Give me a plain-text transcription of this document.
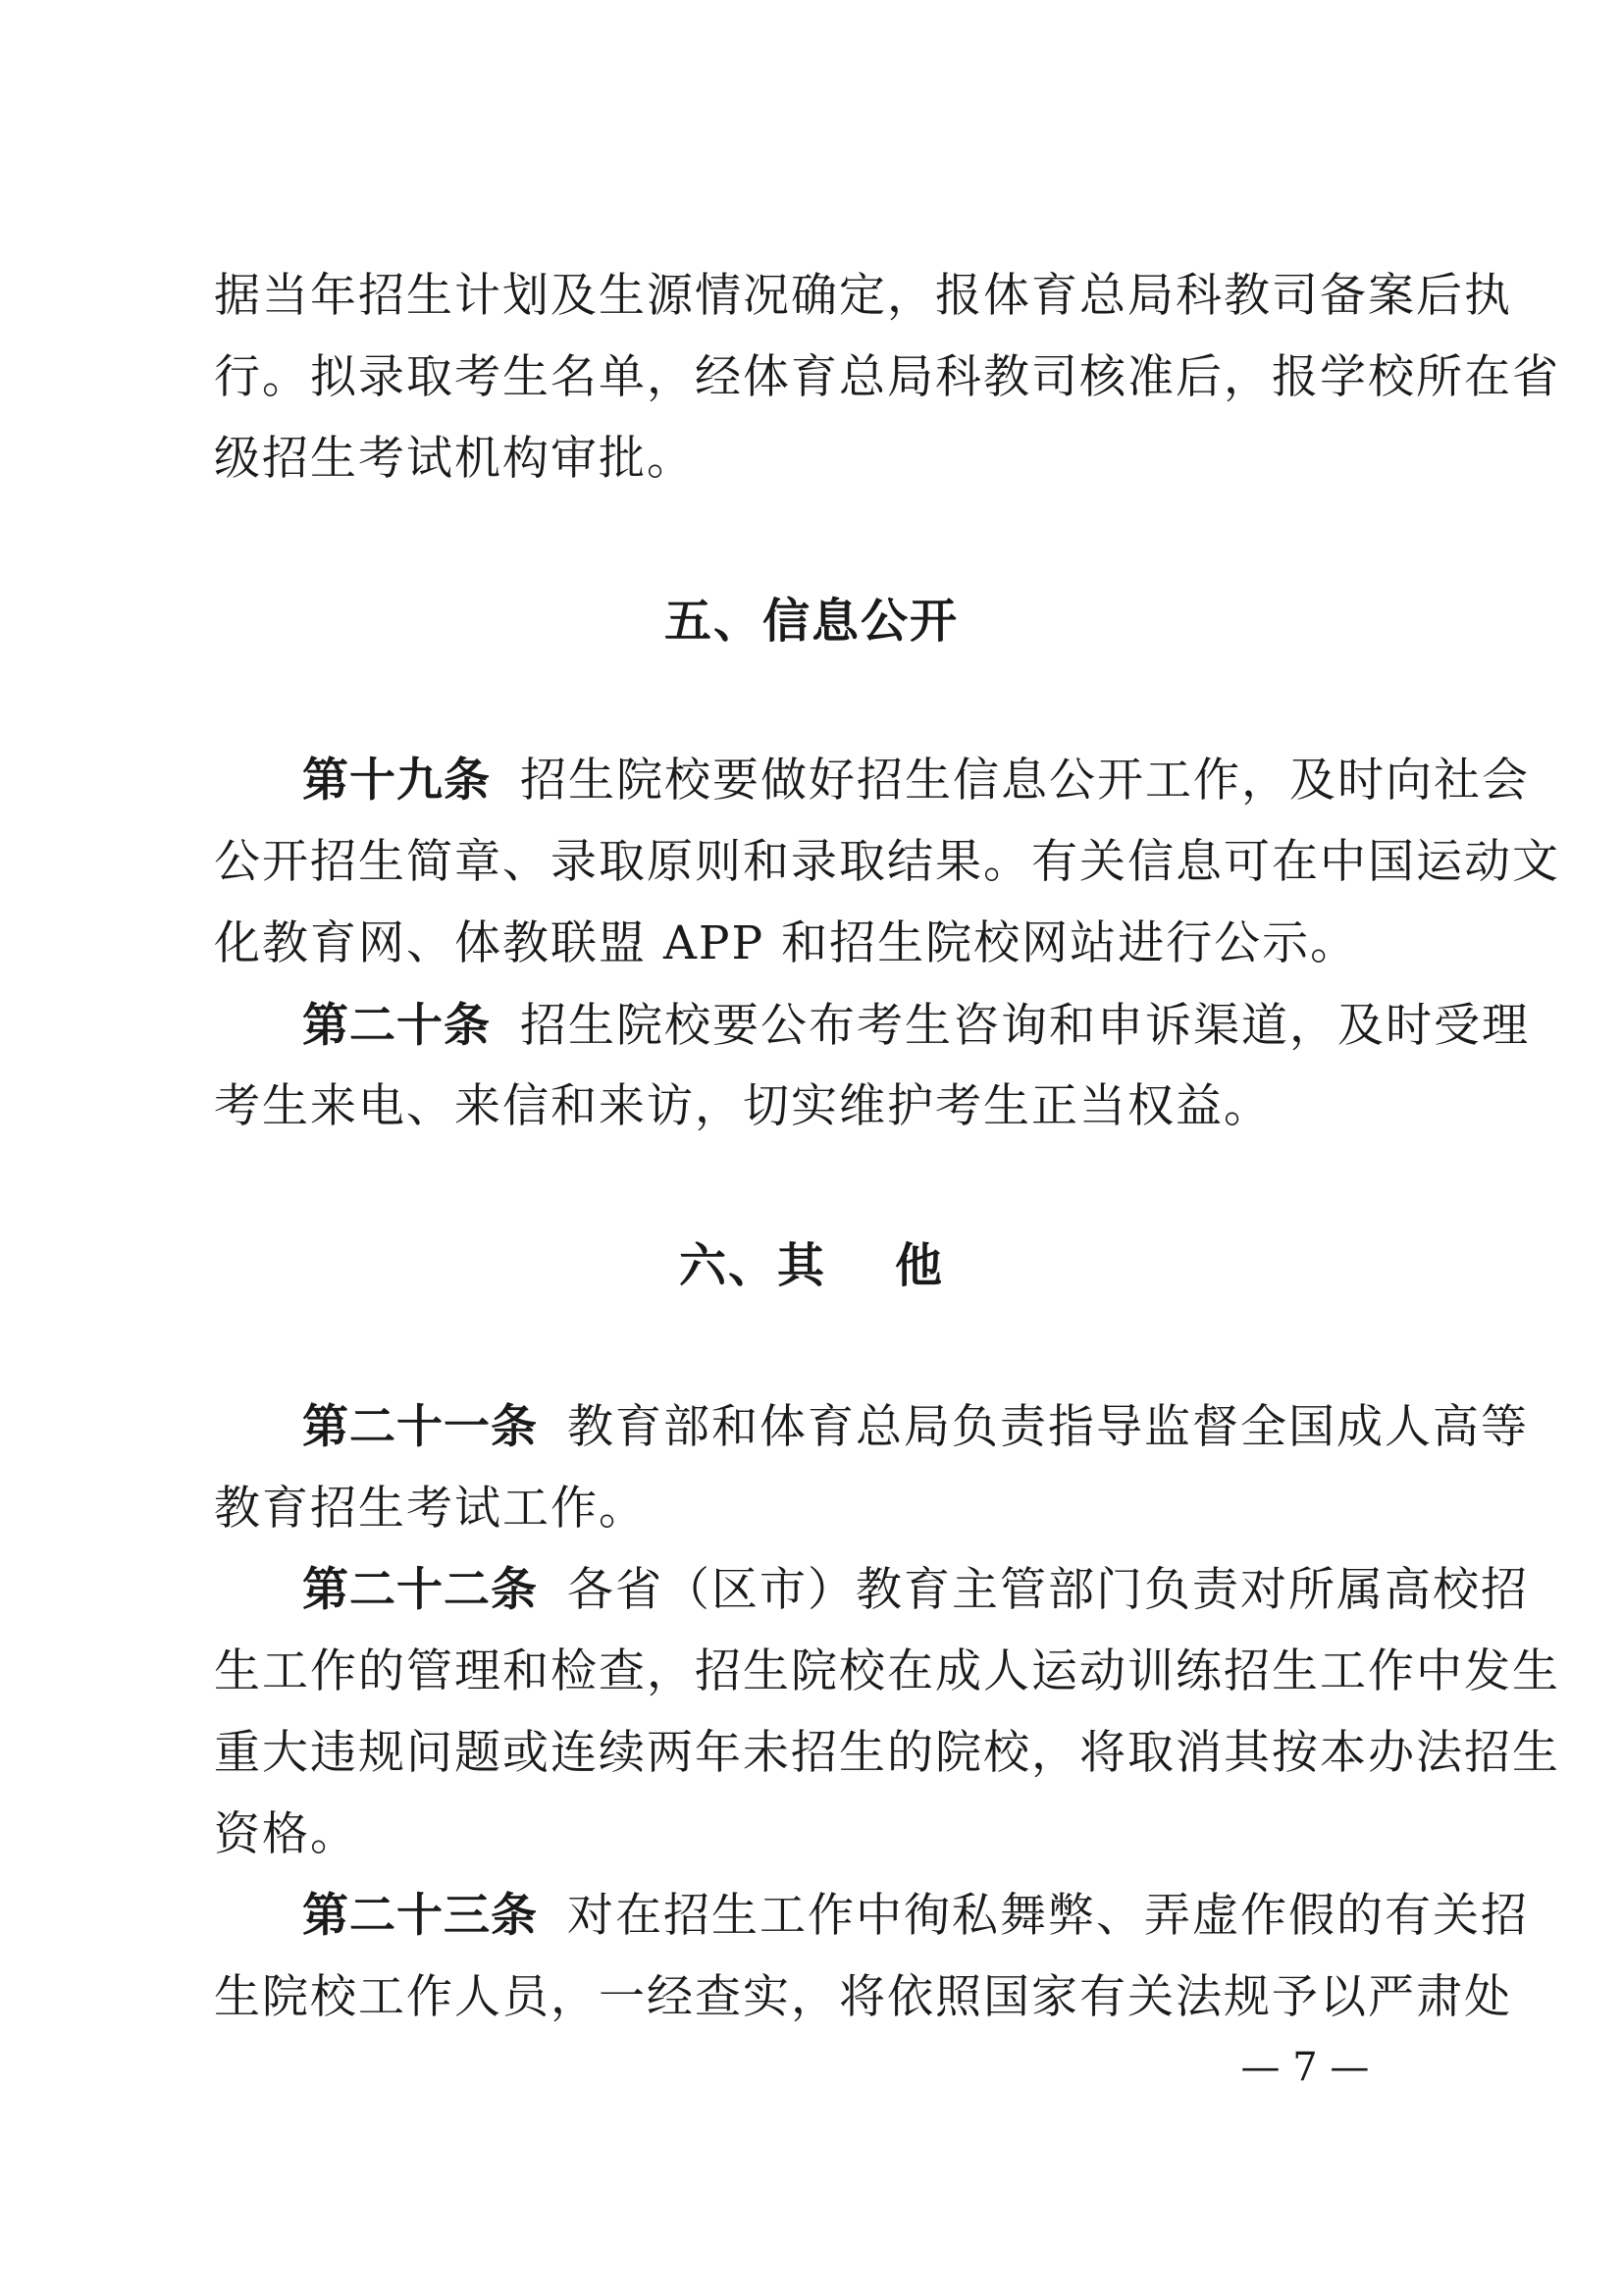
据当年招生计划及生源情况确定，报体育总局科教司备案后执
行。拟录取考生名单，经体育总局科教司核准后，报学校所在省
级招生考试机构审批。
五、信息公开
第十九条 招生院校要做好招生信息公开工作，及时向社会
公开招生简章、录取原则和录取结果。有关信息可在中国运动文
化教育网、体教联盟 APP 和招生院校网站进行公示。
第二十条 招生院校要公布考生咨询和申诉渠道，及时受理
考生来电、来信和来访，切实维护考生正当权益。
六、其 他
第二十一条 教育部和体育总局负责指导监督全国成人高等
教育招生考试工作。
第二十二条 各省（区市）教育主管部门负责对所属高校招
生工作的管理和检查，招生院校在成人运动训练招生工作中发生
重大违规问题或连续两年未招生的院校，将取消其按本办法招生
资格。
第二十三条 对在招生工作中徇私舞弊、弄虚作假的有关招
生院校工作人员，一经查实，将依照国家有关法规予以严肃处
— 7 —
